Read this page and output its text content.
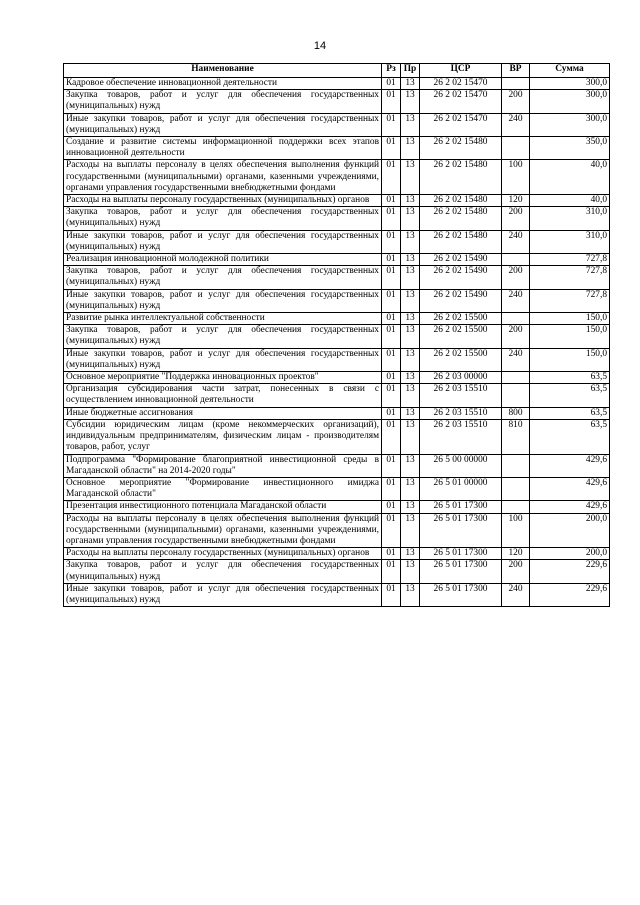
14
Наименование	Рз	Пр	ЦСР	ВР	Сумма
Кадровое обеспечение инновационной деятельности	01	13	26 2 02 15470		300,0
Закупка товаров, работ и услуг для обеспечения государственных (муниципальных) нужд	01	13	26 2 02 15470	200	300,0
Иные закупки товаров, работ и услуг для обеспечения государственных (муниципальных) нужд	01	13	26 2 02 15470	240	300,0
Создание и развитие системы информационной поддержки всех этапов инновационной деятельности	01	13	26 2 02 15480		350,0
Расходы на выплаты персоналу в целях обеспечения выполнения функций государственными (муниципальными) органами, казенными учреждениями, органами управления государственными внебюджетными фондами	01	13	26 2 02 15480	100	40,0
Расходы на выплаты персоналу государственных (муниципальных) органов	01	13	26 2 02 15480	120	40,0
Закупка товаров, работ и услуг для обеспечения государственных (муниципальных) нужд	01	13	26 2 02 15480	200	310,0
Иные закупки товаров, работ и услуг для обеспечения государственных (муниципальных) нужд	01	13	26 2 02 15480	240	310,0
Реализация инновационной молодежной политики	01	13	26 2 02 15490		727,8
Закупка товаров, работ и услуг для обеспечения государственных (муниципальных) нужд	01	13	26 2 02 15490	200	727,8
Иные закупки товаров, работ и услуг для обеспечения государственных (муниципальных) нужд	01	13	26 2 02 15490	240	727,8
Развитие рынка интеллектуальной собственности	01	13	26 2 02 15500		150,0
Закупка товаров, работ и услуг для обеспечения государственных (муниципальных) нужд	01	13	26 2 02 15500	200	150,0
Иные закупки товаров, работ и услуг для обеспечения государственных (муниципальных) нужд	01	13	26 2 02 15500	240	150,0
Основное мероприятие "Поддержка инновационных проектов"	01	13	26 2 03 00000		63,5
Организация субсидирования части затрат, понесенных в связи с осуществлением инновационной деятельности	01	13	26 2 03 15510		63,5
Иные бюджетные ассигнования	01	13	26 2 03 15510	800	63,5
Субсидии юридическим лицам (кроме некоммерческих организаций), индивидуальным предпринимателям, физическим лицам - производителям товаров, работ, услуг	01	13	26 2 03 15510	810	63,5
Подпрограмма "Формирование благоприятной инвестиционной среды в Магаданской области" на 2014-2020 годы"	01	13	26 5 00 00000		429,6
Основное мероприятие "Формирование инвестиционного имиджа Магаданской области"	01	13	26 5 01 00000		429,6
Презентация инвестиционного потенциала Магаданской области	01	13	26 5 01 17300		429,6
Расходы на выплаты персоналу в целях обеспечения выполнения функций государственными (муниципальными) органами, казенными учреждениями, органами управления государственными внебюджетными фондами	01	13	26 5 01 17300	100	200,0
Расходы на выплаты персоналу государственных (муниципальных) органов	01	13	26 5 01 17300	120	200,0
Закупка товаров, работ и услуг для обеспечения государственных (муниципальных) нужд	01	13	26 5 01 17300	200	229,6
Иные закупки товаров, работ и услуг для обеспечения государственных (муниципальных) нужд	01	13	26 5 01 17300	240	229,6
